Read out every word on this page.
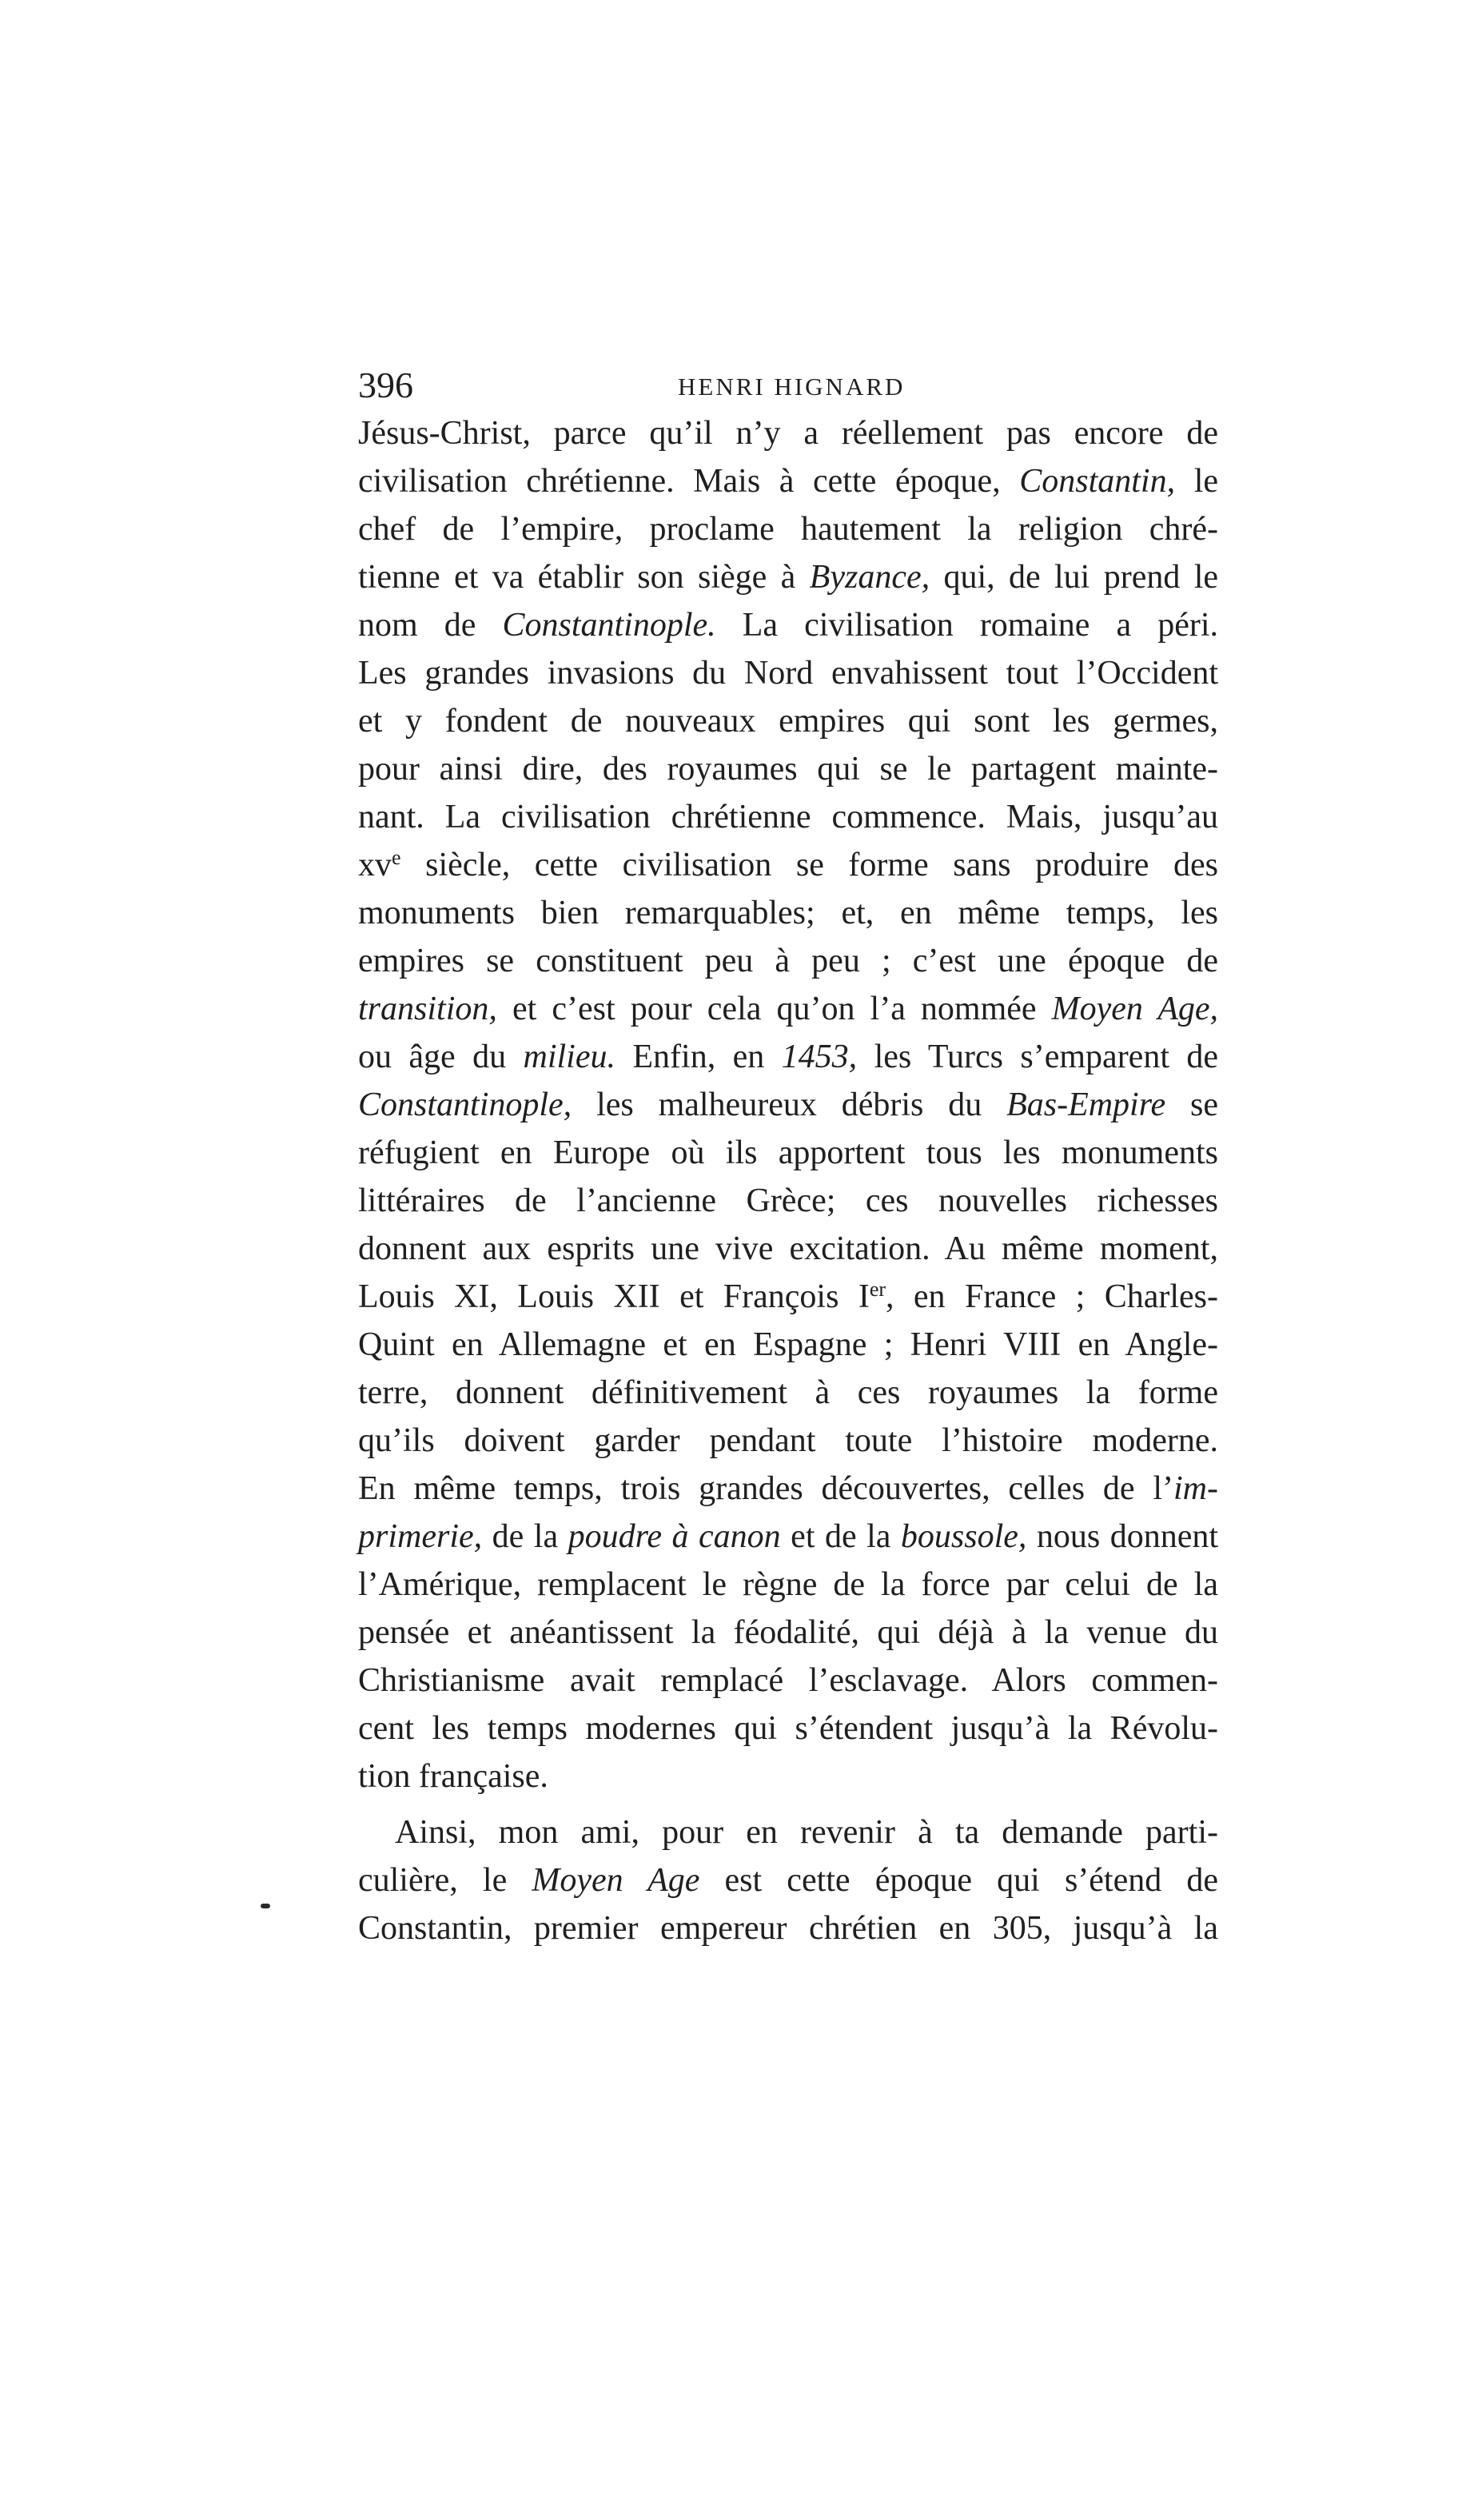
396	HENRI HIGNARD
Jésus-Christ, parce qu’il n’y a réellement pas encore de
civilisation chrétienne. Mais à cette époque, Constantin, le
chef de l’empire, proclame hautement la religion chré-
tienne et va établir son siège à Byzance, qui, de lui prend le
nom de Constantinople. La civilisation romaine a péri.
Les grandes invasions du Nord envahissent tout l’Occident
et y fondent de nouveaux empires qui sont les germes,
pour ainsi dire, des royaumes qui se le partagent mainte-
nant. La civilisation chrétienne commence. Mais, jusqu’au
$xv^e$ siècle, cette civilisation se forme sans produire des
monuments bien remarquables; et, en même temps, les
empires se constituent peu à peu ; c’est une époque de
transition, et c’est pour cela qu’on l’a nommée Moyen Age,
ou âge du milieu. Enfin, en 1453, les Turcs s’emparent de
Constantinople, les malheureux débris du Bas-Empire se
réfugient en Europe où ils apportent tous les monuments
littéraires de l’ancienne Grèce; ces nouvelles richesses
donnent aux esprits une vive excitation. Au même moment,
Louis XI, Louis XII et François Ier, en France ; Charles-
Quint en Allemagne et en Espagne ; Henri VIII en Angle-
terre, donnent définitivement à ces royaumes la forme
qu’ils doivent garder pendant toute l’histoire moderne.
En même temps, trois grandes découvertes, celles de l’im-
primerie, de la poudre à canon et de la boussole, nous donnent
l’Amérique, remplacent le règne de la force par celui de la
pensée et anéantissent la féodalité, qui déjà à la venue du
Christianisme avait remplacé l’esclavage. Alors commen-
cent les temps modernes qui s’étendent jusqu’à la Révolu-
tion française.
Ainsi, mon ami, pour en revenir à ta demande parti-
culière, le Moyen Age est cette époque qui s’étend de
Constantin, premier empereur chrétien en 305, jusqu’à la
